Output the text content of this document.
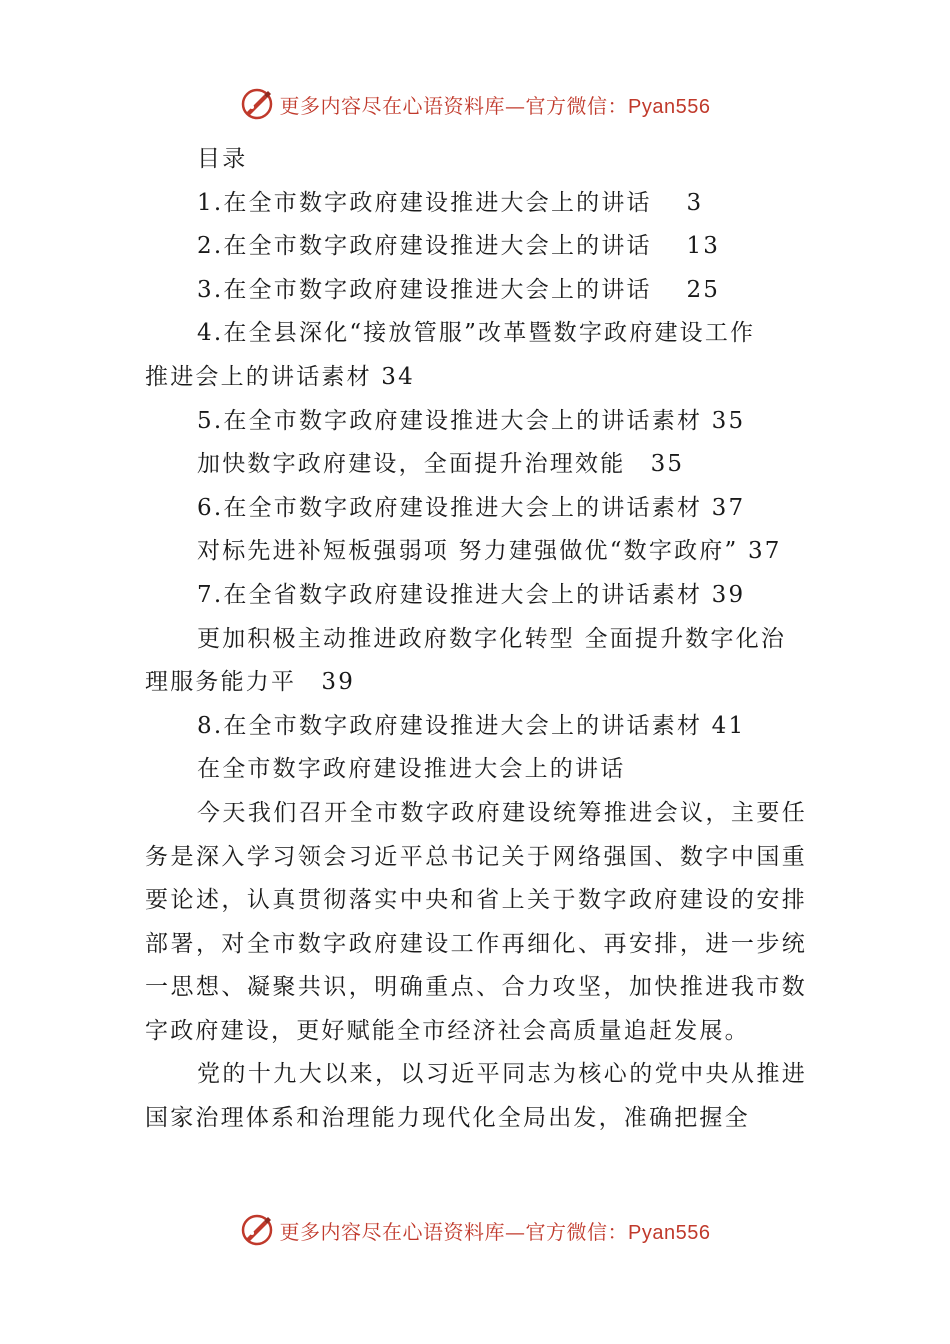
更多内容尽在心语资料库—官方微信：Pyan556
目录
1.在全市数字政府建设推进大会上的讲话　 3
2.在全市数字政府建设推进大会上的讲话　 13
3.在全市数字政府建设推进大会上的讲话　 25
4.在全县深化“接放管服”改革暨数字政府建设工作
推进会上的讲话素材 34
5.在全市数字政府建设推进大会上的讲话素材 35
加快数字政府建设，全面提升治理效能　35
6.在全市数字政府建设推进大会上的讲话素材 37
对标先进补短板强弱项 努力建强做优“数字政府” 37
7.在全省数字政府建设推进大会上的讲话素材 39
更加积极主动推进政府数字化转型 全面提升数字化治
理服务能力平　39
8.在全市数字政府建设推进大会上的讲话素材 41
在全市数字政府建设推进大会上的讲话

今天我们召开全市数字政府建设统筹推进会议，主要任务是深入学习领会习近平总书记关于网络强国、数字中国重要论述，认真贯彻落实中央和省上关于数字政府建设的安排部署，对全市数字政府建设工作再细化、再安排，进一步统一思想、凝聚共识，明确重点、合力攻坚，加快推进我市数字政府建设，更好赋能全市经济社会高质量追赶发展。

党的十九大以来，以习近平同志为核心的党中央从推进国家治理体系和治理能力现代化全局出发，准确把握全

更多内容尽在心语资料库—官方微信：Pyan556
